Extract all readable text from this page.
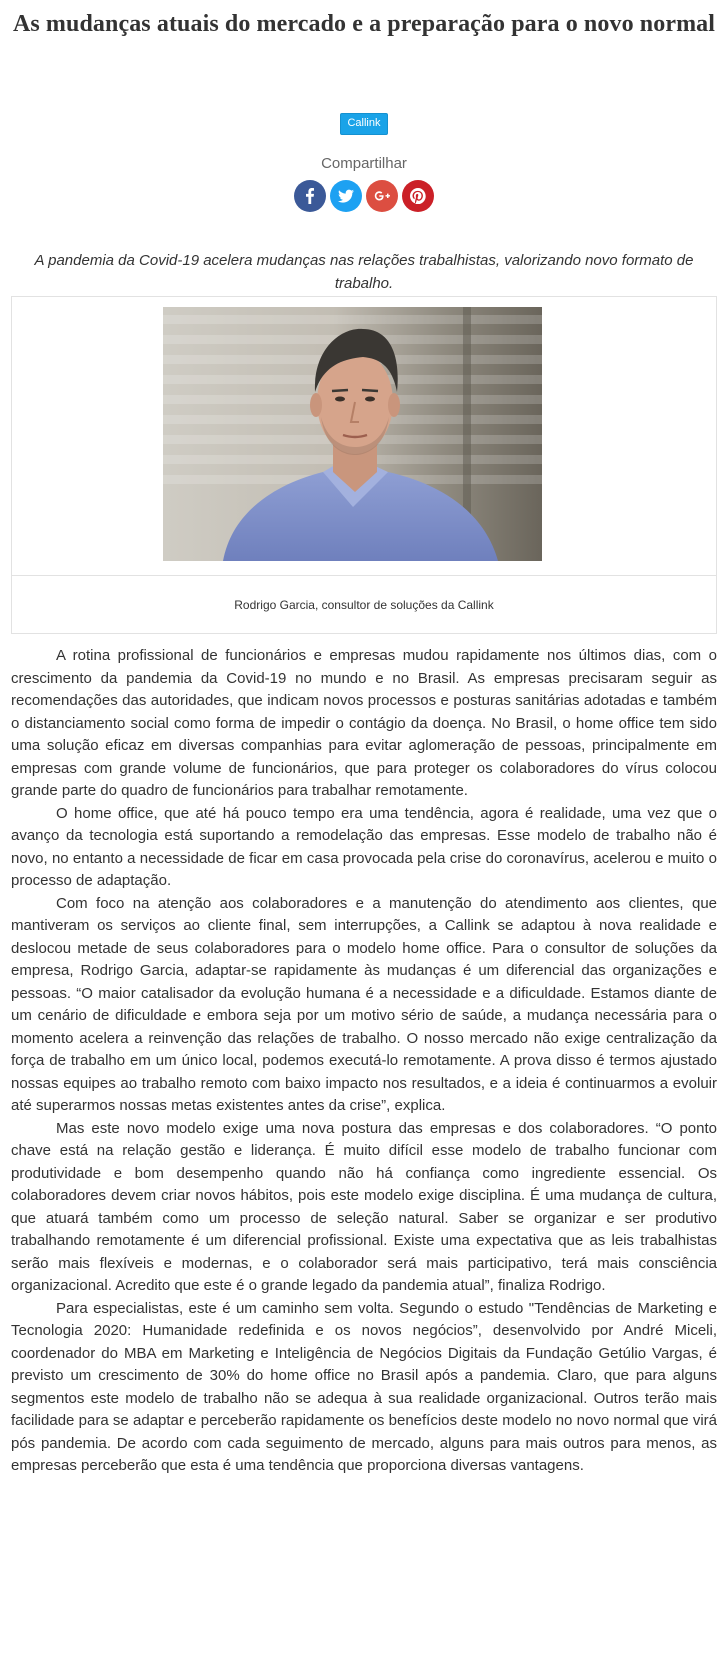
As mudanças atuais do mercado e a preparação para o novo normal
Callink
Compartilhar

A pandemia da Covid-19 acelera mudanças nas relações trabalhistas, valorizando novo formato de trabalho.

Rodrigo Garcia, consultor de soluções da Callink

A rotina profissional de funcionários e empresas mudou rapidamente nos últimos dias, com o crescimento da pandemia da Covid-19 no mundo e no Brasil. As empresas precisaram seguir as recomendações das autoridades, que indicam novos processos e posturas sanitárias adotadas e também o distanciamento social como forma de impedir o contágio da doença. No Brasil, o home office tem sido uma solução eficaz em diversas companhias para evitar aglomeração de pessoas, principalmente em empresas com grande volume de funcionários, que para proteger os colaboradores do vírus colocou grande parte do quadro de funcionários para trabalhar remotamente.

O home office, que até há pouco tempo era uma tendência, agora é realidade, uma vez que o avanço da tecnologia está suportando a remodelação das empresas. Esse modelo de trabalho não é novo, no entanto a necessidade de ficar em casa provocada pela crise do coronavírus, acelerou e muito o processo de adaptação.

Com foco na atenção aos colaboradores e a manutenção do atendimento aos clientes, que mantiveram os serviços ao cliente final, sem interrupções, a Callink se adaptou à nova realidade e deslocou metade de seus colaboradores para o modelo home office. Para o consultor de soluções da empresa, Rodrigo Garcia, adaptar-se rapidamente às mudanças é um diferencial das organizações e pessoas. “O maior catalisador da evolução humana é a necessidade e a dificuldade. Estamos diante de um cenário de dificuldade e embora seja por um motivo sério de saúde, a mudança necessária para o momento acelera a reinvenção das relações de trabalho. O nosso mercado não exige centralização da força de trabalho em um único local, podemos executá-lo remotamente. A prova disso é termos ajustado nossas equipes ao trabalho remoto com baixo impacto nos resultados, e a ideia é continuarmos a evoluir até superarmos nossas metas existentes antes da crise”, explica.

Mas este novo modelo exige uma nova postura das empresas e dos colaboradores. “O ponto chave está na relação gestão e liderança. É muito difícil esse modelo de trabalho funcionar com produtividade e bom desempenho quando não há confiança como ingrediente essencial. Os colaboradores devem criar novos hábitos, pois este modelo exige disciplina. É uma mudança de cultura, que atuará também como um processo de seleção natural. Saber se organizar e ser produtivo trabalhando remotamente é um diferencial profissional. Existe uma expectativa que as leis trabalhistas serão mais flexíveis e modernas, e o colaborador será mais participativo, terá mais consciência organizacional. Acredito que este é o grande legado da pandemia atual”, finaliza Rodrigo.

Para especialistas, este é um caminho sem volta. Segundo o estudo "Tendências de Marketing e Tecnologia 2020: Humanidade redefinida e os novos negócios”, desenvolvido por André Miceli, coordenador do MBA em Marketing e Inteligência de Negócios Digitais da Fundação Getúlio Vargas, é previsto um crescimento de 30% do home office no Brasil após a pandemia. Claro, que para alguns segmentos este modelo de trabalho não se adequa à sua realidade organizacional. Outros terão mais facilidade para se adaptar e perceberão rapidamente os benefícios deste modelo no novo normal que virá pós pandemia. De acordo com cada seguimento de mercado, alguns para mais outros para menos, as empresas perceberão que esta é uma tendência que proporciona diversas vantagens.
